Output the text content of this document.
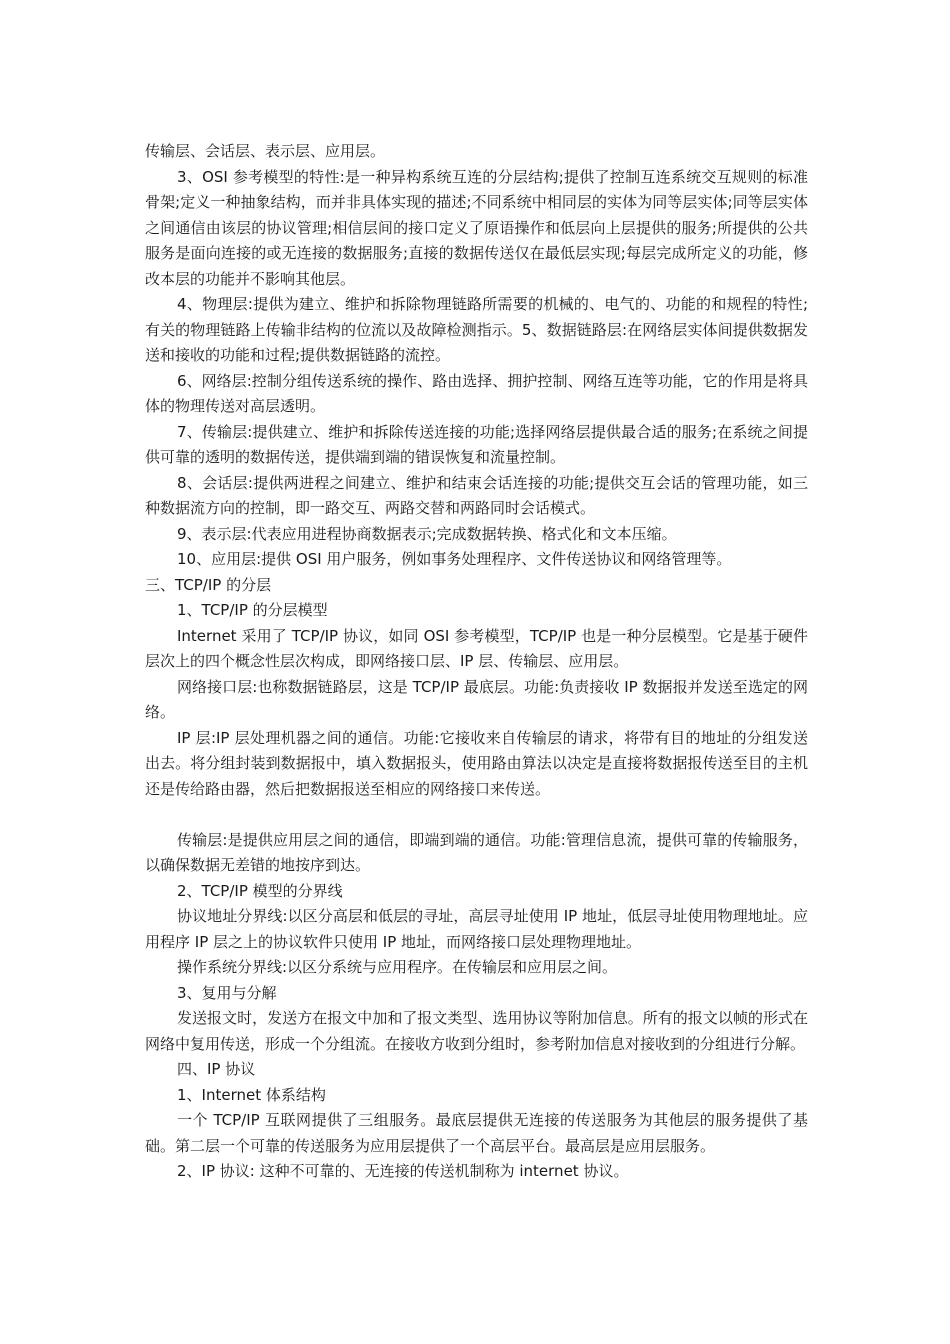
传输层、会话层、表示层、应用层。

3、OSI 参考模型的特性:是一种异构系统互连的分层结构;提供了控制互连系统交互规则的标准骨架;定义一种抽象结构，而并非具体实现的描述;不同系统中相同层的实体为同等层实体;同等层实体之间通信由该层的协议管理;相信层间的接口定义了原语操作和低层向上层提供的服务;所提供的公共服务是面向连接的或无连接的数据服务;直接的数据传送仅在最低层实现;每层完成所定义的功能，修改本层的功能并不影响其他层。

4、物理层:提供为建立、维护和拆除物理链路所需要的机械的、电气的、功能的和规程的特性;有关的物理链路上传输非结构的位流以及故障检测指示。5、数据链路层:在网络层实体间提供数据发送和接收的功能和过程;提供数据链路的流控。

6、网络层:控制分组传送系统的操作、路由选择、拥护控制、网络互连等功能，它的作用是将具体的物理传送对高层透明。

7、传输层:提供建立、维护和拆除传送连接的功能;选择网络层提供最合适的服务;在系统之间提供可靠的透明的数据传送，提供端到端的错误恢复和流量控制。

8、会话层:提供两进程之间建立、维护和结束会话连接的功能;提供交互会话的管理功能，如三种数据流方向的控制，即一路交互、两路交替和两路同时会话模式。

9、表示层:代表应用进程协商数据表示;完成数据转换、格式化和文本压缩。

10、应用层:提供 OSI 用户服务，例如事务处理程序、文件传送协议和网络管理等。

三、TCP/IP 的分层

1、TCP/IP 的分层模型

Internet 采用了 TCP/IP 协议，如同 OSI 参考模型，TCP/IP 也是一种分层模型。它是基于硬件层次上的四个概念性层次构成，即网络接口层、IP 层、传输层、应用层。

网络接口层:也称数据链路层，这是 TCP/IP 最底层。功能:负责接收 IP 数据报并发送至选定的网络。

IP 层:IP 层处理机器之间的通信。功能:它接收来自传输层的请求，将带有目的地址的分组发送出去。将分组封装到数据报中，填入数据报头，使用路由算法以决定是直接将数据报传送至目的主机还是传给路由器，然后把数据报送至相应的网络接口来传送。

传输层:是提供应用层之间的通信，即端到端的通信。功能:管理信息流，提供可靠的传输服务，以确保数据无差错的地按序到达。

2、TCP/IP 模型的分界线

协议地址分界线:以区分高层和低层的寻址，高层寻址使用 IP 地址，低层寻址使用物理地址。应用程序 IP 层之上的协议软件只使用 IP 地址，而网络接口层处理物理地址。

操作系统分界线:以区分系统与应用程序。在传输层和应用层之间。

3、复用与分解

发送报文时，发送方在报文中加和了报文类型、选用协议等附加信息。所有的报文以帧的形式在网络中复用传送，形成一个分组流。在接收方收到分组时，参考附加信息对接收到的分组进行分解。

四、IP 协议

1、Internet 体系结构

一个 TCP/IP 互联网提供了三组服务。最底层提供无连接的传送服务为其他层的服务提供了基础。第二层一个可靠的传送服务为应用层提供了一个高层平台。最高层是应用层服务。

2、IP 协议: 这种不可靠的、无连接的传送机制称为 internet 协议。
